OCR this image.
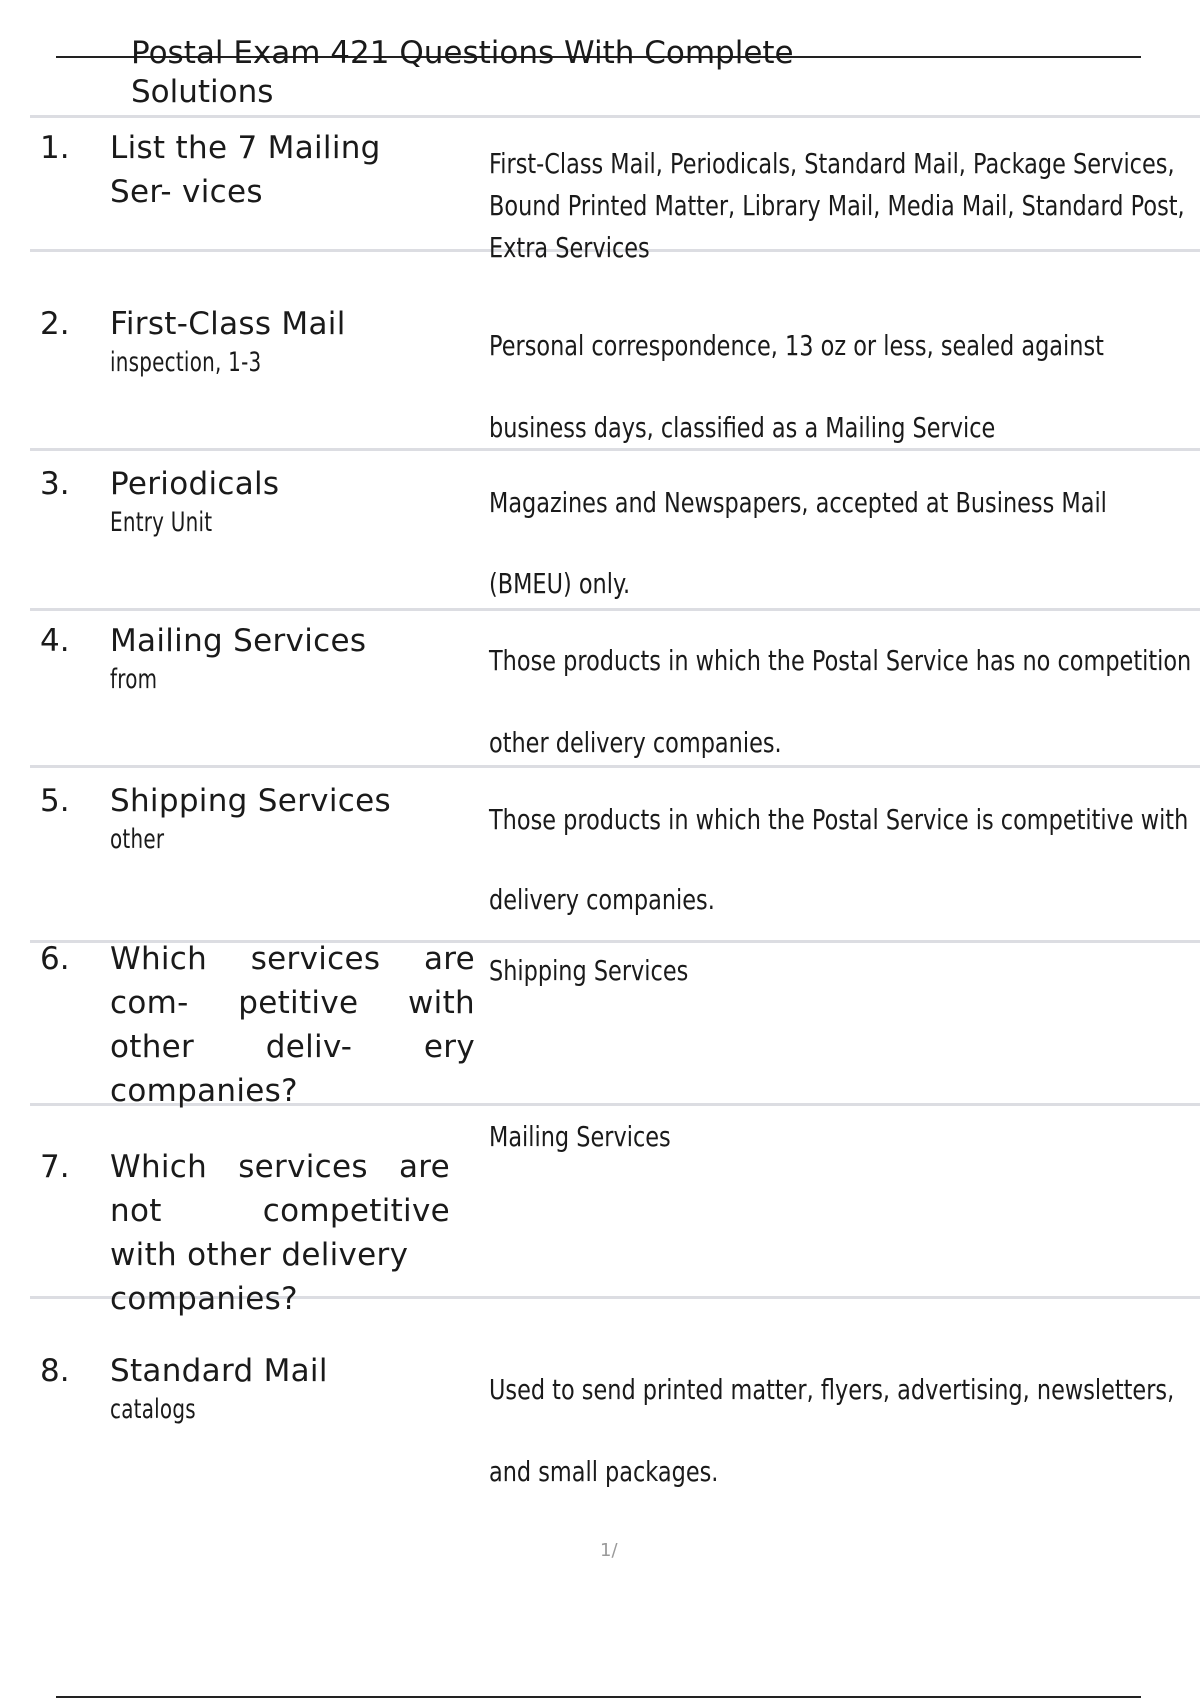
Postal Exam 421 Questions With Complete
Solutions
1. List the 7 Mailing
Ser- vices
First-Class Mail, Periodicals, Standard Mail, Package Services,
Bound Printed Matter, Library Mail, Media Mail, Standard Post,
Extra Services
2. First-Class Mail
inspection, 1-3
Personal correspondence, 13 oz or less, sealed against
business days, classified as a Mailing Service
3. Periodicals
Entry Unit
Magazines and Newspapers, accepted at Business Mail
(BMEU) only.
4. Mailing Services
from
Those products in which the Postal Service has no competition
other delivery companies.
5. Shipping Services
other
Those products in which the Postal Service is competitive with
delivery companies.
6. Which services are
com- petitive with
other deliv- ery
companies?
Shipping Services
7. Which services are
not competitive
with other delivery
companies?
Mailing Services
8. Standard Mail
catalogs
Used to send printed matter, flyers, advertising, newsletters,
and small packages.
1/
